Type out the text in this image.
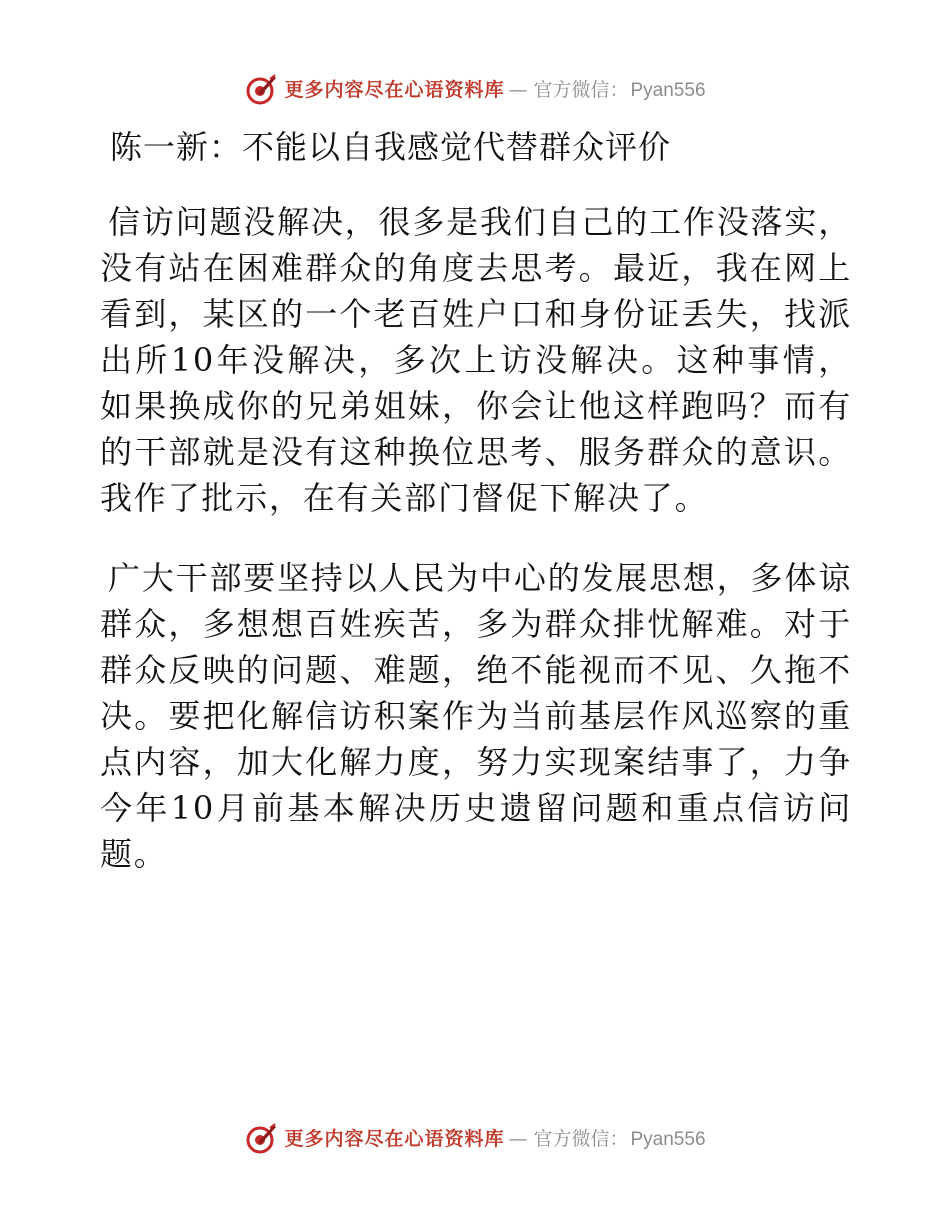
更多内容尽在心语资料库 — 官方微信： Pyan556
陈一新：不能以自我感觉代替群众评价

信访问题没解决，很多是我们自己的工作没落实，没有站在困难群众的角度去思考。最近，我在网上看到，某区的一个老百姓户口和身份证丢失，找派出所10年没解决，多次上访没解决。这种事情，如果换成你的兄弟姐妹，你会让他这样跑吗？而有的干部就是没有这种换位思考、服务群众的意识。我作了批示，在有关部门督促下解决了。

广大干部要坚持以人民为中心的发展思想，多体谅群众，多想想百姓疾苦，多为群众排忧解难。对于群众反映的问题、难题，绝不能视而不见、久拖不决。要把化解信访积案作为当前基层作风巡察的重点内容，加大化解力度，努力实现案结事了，力争今年10月前基本解决历史遗留问题和重点信访问题。

更多内容尽在心语资料库 — 官方微信： Pyan556
